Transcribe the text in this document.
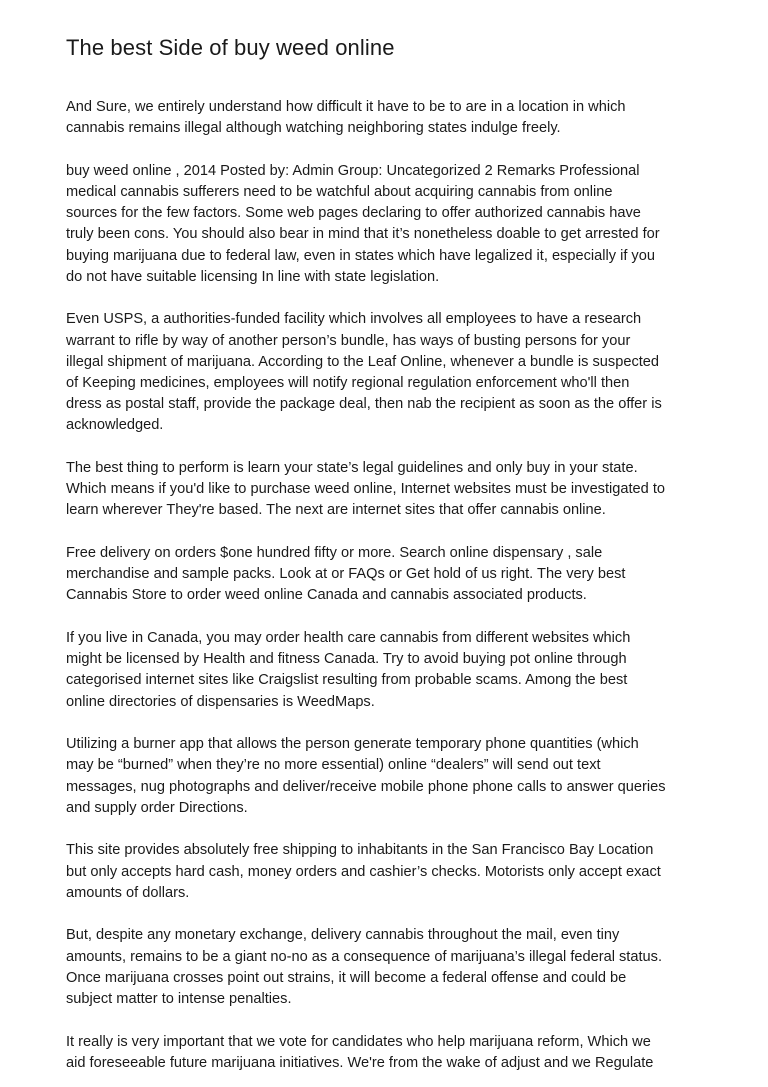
The best Side of buy weed online

And Sure, we entirely understand how difficult it have to be to are in a location in which
cannabis remains illegal although watching neighboring states indulge freely.

buy weed online , 2014 Posted by: Admin Group: Uncategorized 2 Remarks Professional
medical cannabis sufferers need to be watchful about acquiring cannabis from online
sources for the few factors. Some web pages declaring to offer authorized cannabis have
truly been cons. You should also bear in mind that it’s nonetheless doable to get arrested for
buying marijuana due to federal law, even in states which have legalized it, especially if you
do not have suitable licensing In line with state legislation.

Even USPS, a authorities-funded facility which involves all employees to have a research
warrant to rifle by way of another person’s bundle, has ways of busting persons for your
illegal shipment of marijuana. According to the Leaf Online, whenever a bundle is suspected
of Keeping medicines, employees will notify regional regulation enforcement who'll then
dress as postal staff, provide the package deal, then nab the recipient as soon as the offer is
acknowledged.

The best thing to perform is learn your state’s legal guidelines and only buy in your state.
Which means if you'd like to purchase weed online, Internet websites must be investigated to
learn wherever They're based. The next are internet sites that offer cannabis online.

Free delivery on orders $one hundred fifty or more. Search online dispensary , sale
merchandise and sample packs. Look at or FAQs or Get hold of us right. The very best
Cannabis Store to order weed online Canada and cannabis associated products.

If you live in Canada, you may order health care cannabis from different websites which
might be licensed by Health and fitness Canada. Try to avoid buying pot online through
categorised internet sites like Craigslist resulting from probable scams. Among the best
online directories of dispensaries is WeedMaps.

Utilizing a burner app that allows the person generate temporary phone quantities (which
may be “burned” when they’re no more essential) online “dealers” will send out text
messages, nug photographs and deliver/receive mobile phone phone calls to answer queries
and supply order Directions.

This site provides absolutely free shipping to inhabitants in the San Francisco Bay Location
but only accepts hard cash, money orders and cashier’s checks. Motorists only accept exact
amounts of dollars.

But, despite any monetary exchange, delivery cannabis throughout the mail, even tiny
amounts, remains to be a giant no-no as a consequence of marijuana’s illegal federal status.
Once marijuana crosses point out strains, it will become a federal offense and could be
subject matter to intense penalties.

It really is very important that we vote for candidates who help marijuana reform, Which we
aid foreseeable future marijuana initiatives. We're from the wake of adjust and we Regulate
